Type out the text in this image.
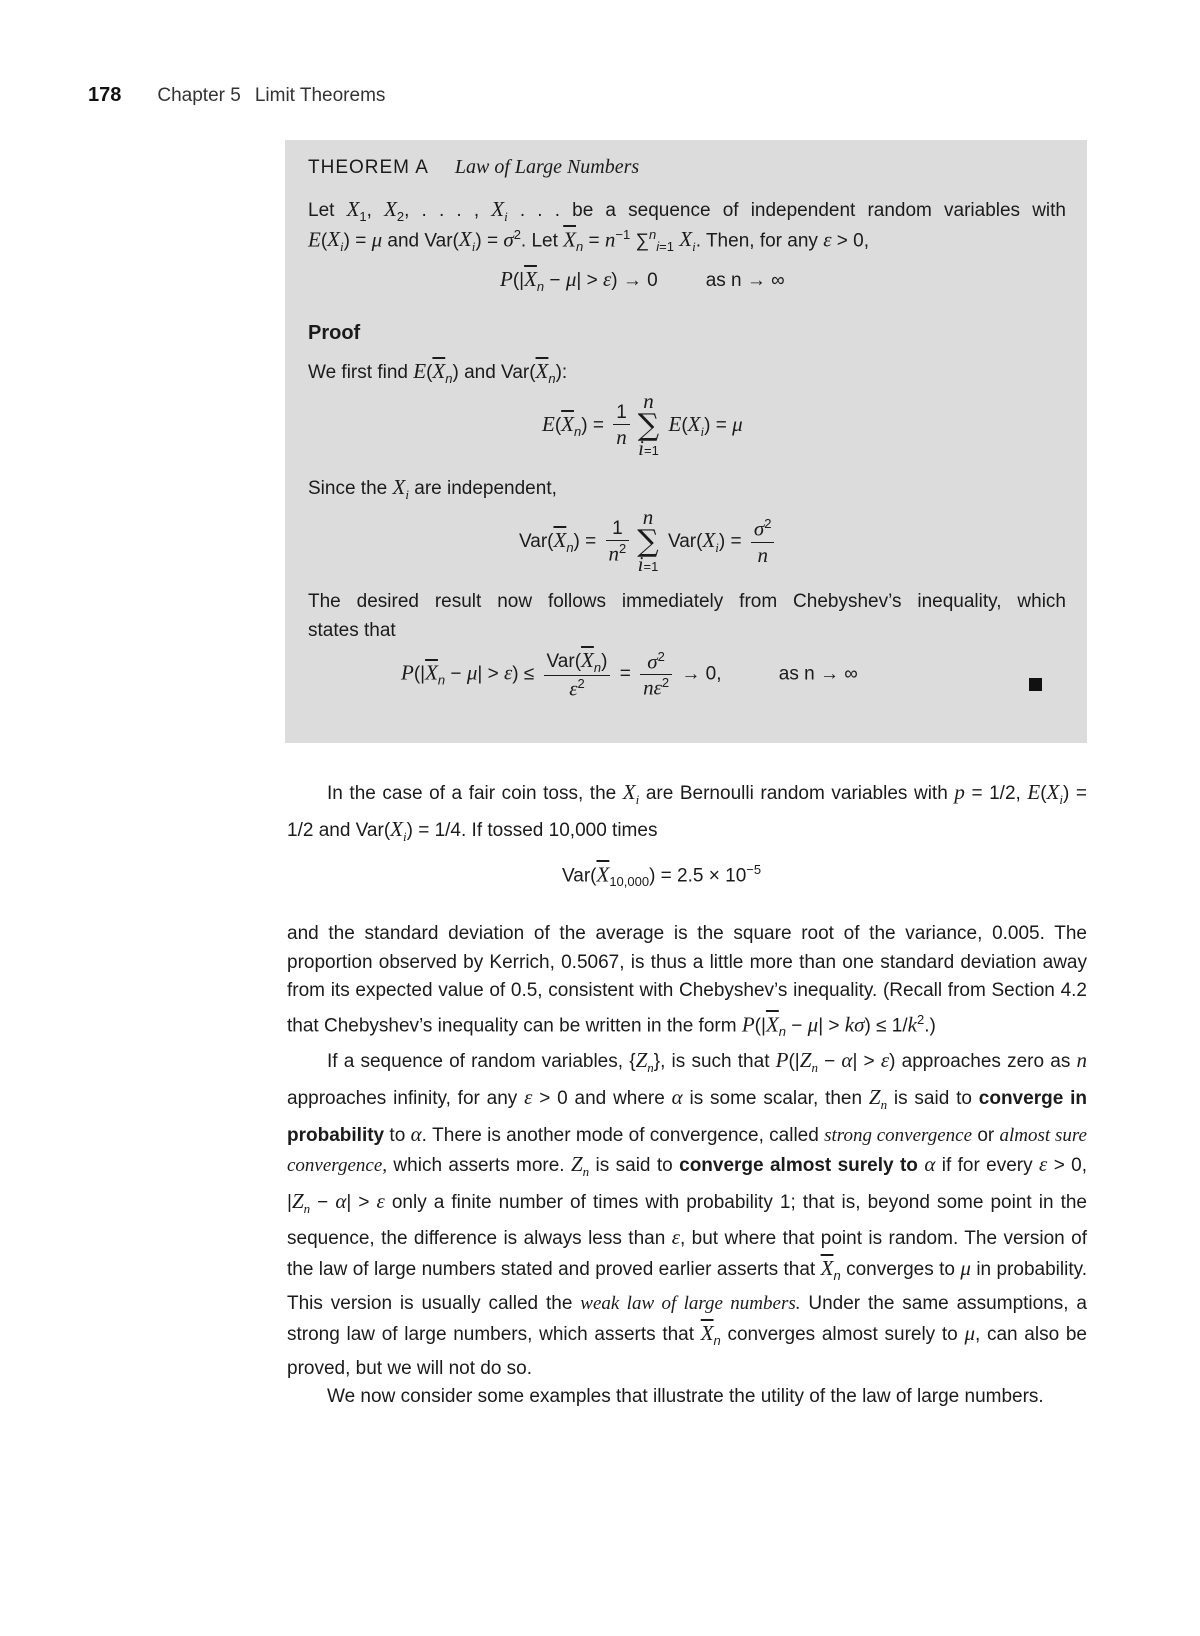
178 Chapter 5 Limit Theorems
THEOREM A Law of Large Numbers
Let $X_1$, $X_2$, . . . , $X_i$ . . . be a sequence of independent random variables with
$E(X_i) = \mu$ and $Var(X_i) = \sigma^2$. Let $\overline{X}_n = n^{-1}$ ∑$^n_{i=1}$ $X_i$. Then, for any ε > 0,
$P(|\overline{X}_n - \mu| > \varepsilon) \to 0$	as n → ∞
Proof
We first find $E(\overline{X}_n)$ and $Var(\overline{X}_n)$:
$E(\overline{X}_n) = \frac{1}{n}$
n
∑
i=1 $E(X_i) = \mu$
Since the $X_i$ are independent,
$Var(\overline{X}_n) = \frac{1}{n^2}$
n
∑
i=1 $Var(X_i) = \frac{\sigma^2}{n}$
The desired result now follows immediately from Chebyshev’s inequality, which
states that
$P(|\overline{X}_n - \mu| > \varepsilon) \le \frac{Var(\overline{X}_n)}{\varepsilon^2} = \frac{\sigma^2}{n\varepsilon^2} \to 0$,	as n → ∞

In the case of a fair coin toss, the $X_i$ are Bernoulli random variables with p = 1/2, $E(X_i) = 1/2$ and $Var(X_i) = 1/4$. If tossed 10,000 times

$Var(\overline{X}_{10,000}) = 2.5 \times 10^{-5}$

and the standard deviation of the average is the square root of the variance, 0.005. The proportion observed by Kerrich, 0.5067, is thus a little more than one standard deviation away from its expected value of 0.5, consistent with Chebyshev’s inequality. (Recall from Section 4.2 that Chebyshev’s inequality can be written in the form $P(|\overline{X}_n - \mu| > k\sigma) \le 1/k^2$.)

If a sequence of random variables, $\{Z_n\}$, is such that $P(|Z_n - \alpha| > \varepsilon)$ approaches zero as n approaches infinity, for any ε > 0 and where α is some scalar, then $Z_n$ is said to converge in probability to α. There is another mode of convergence, called strong convergence or almost sure convergence, which asserts more. $Z_n$ is said to converge almost surely to α if for every ε > 0, $|Z_n - \alpha| > \varepsilon$ only a finite number of times with probability 1; that is, beyond some point in the sequence, the difference is always less than ε, but where that point is random. The version of the law of large numbers stated and proved earlier asserts that $\overline{X}_n$ converges to μ in probability. This version is usually called the weak law of large numbers. Under the same assumptions, a strong law of large numbers, which asserts that $\overline{X}_n$ converges almost surely to μ, can also be proved, but we will not do so.

We now consider some examples that illustrate the utility of the law of large numbers.
